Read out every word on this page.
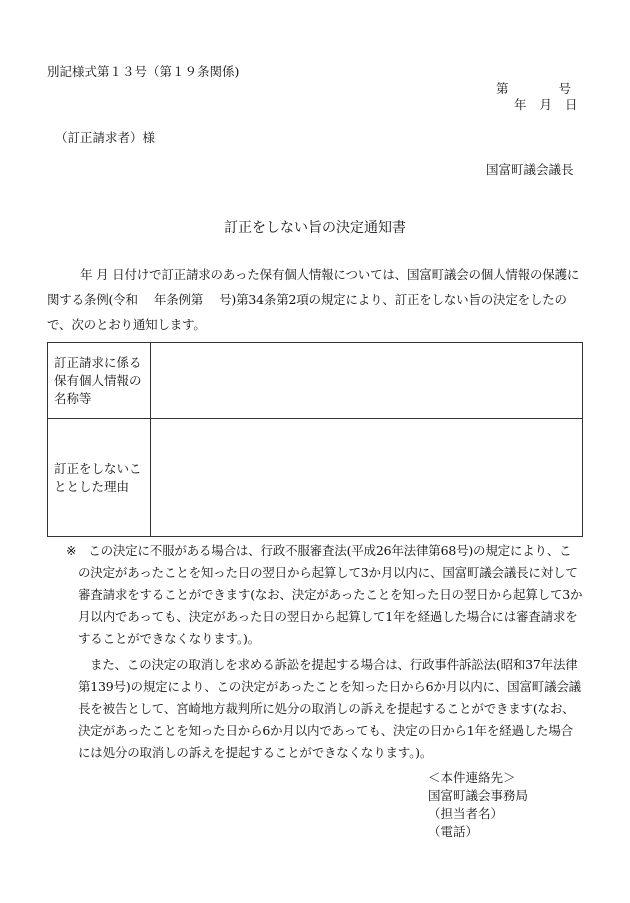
別記様式第１３号（第１９条関係)
第	号
年 月 日
（訂正請求者）様
国富町議会議長
訂正をしない旨の決定通知書
年 月 日付けで訂正請求のあった保有個人情報については、国富町議会の個人情報の保護に関する条例(令和　 年条例第　 号)第34条第2項の規定により、訂正をしない旨の決定をしたので、次のとおり通知します。
訂正請求に係る保有個人情報の名称等	
訂正をしないこととした理由	

※ この決定に不服がある場合は、行政不服審査法(平成26年法律第68号)の規定により、この決定があったことを知った日の翌日から起算して3か月以内に、国富町議会議長に対して審査請求をすることができます(なお、決定があったことを知った日の翌日から起算して3か月以内であっても、決定があった日の翌日から起算して1年を経過した場合には審査請求をすることができなくなります。)。

また、この決定の取消しを求める訴訟を提起する場合は、行政事件訴訟法(昭和37年法律第139号)の規定により、この決定があったことを知った日から6か月以内に、国富町議会議長を被告として、宮崎地方裁判所に処分の取消しの訴えを提起することができます(なお、決定があったことを知った日から6か月以内であっても、決定の日から1年を経過した場合には処分の取消しの訴えを提起することができなくなります。)。

＜本件連絡先＞
国富町議会事務局
（担当者名）
（電話）
